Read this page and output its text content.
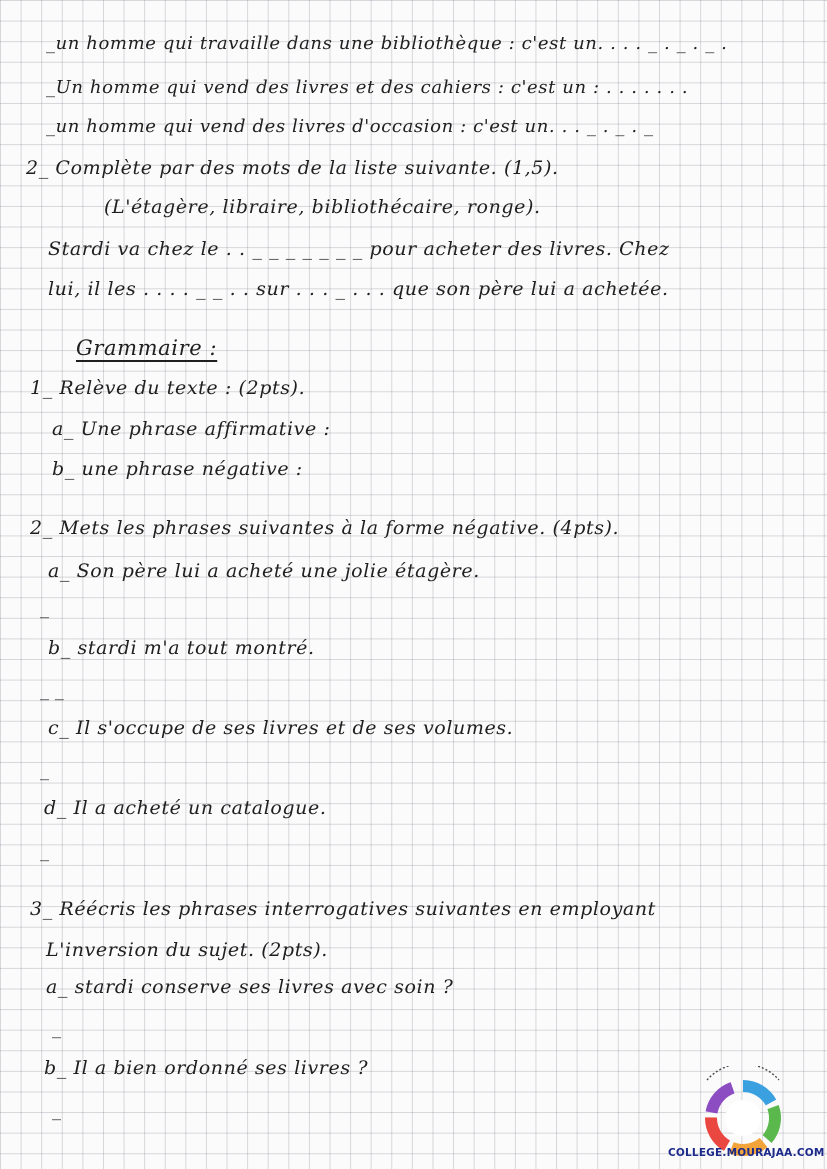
_un homme qui travaille dans une bibliothèque : c'est un. . . . _ . _ . _ .
_Un homme qui vend des livres et des cahiers : c'est un : . . . . . . .
_un homme qui vend des livres d'occasion : c'est un. . . _ . _ . _
2_ Complète par des mots de la liste suivante. (1,5).
(L'étagère, libraire, bibliothécaire, ronge).
Stardi va chez le . . _ _ _ _ _ _ _ pour acheter des livres. Chez
lui, il les . . . . _ _ . . sur . . . _ . . . que son père lui a achetée.
Grammaire :
1_ Relève du texte : (2pts).
a_ Une phrase affirmative :
b_ une phrase négative :
2_ Mets les phrases suivantes à la forme négative. (4pts).
a_ Son père lui a acheté une jolie étagère.
_
b_ stardi m'a tout montré.
_ _
c_ Il s'occupe de ses livres et de ses volumes.
_
d_ Il a acheté un catalogue.
_
3_ Réécris les phrases interrogatives suivantes en employant
L'inversion du sujet. (2pts).
a_ stardi conserve ses livres avec soin ?
_
b_ Il a bien ordonné ses livres ?
_
COLLEGE.MOURAJAA.COM
